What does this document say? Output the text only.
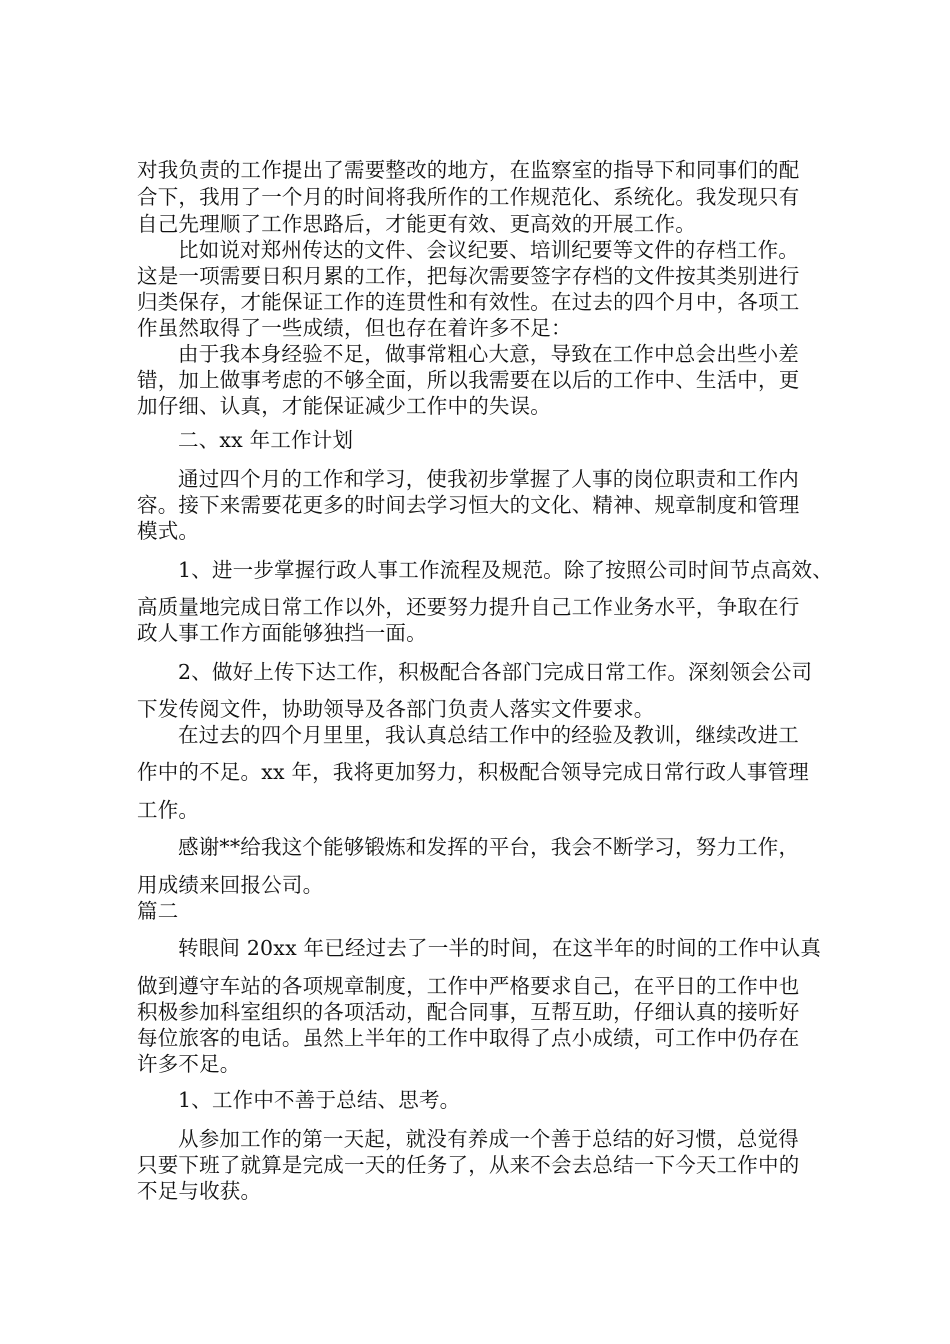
对我负责的工作提出了需要整改的地方，在监察室的指导下和同事们的配
合下，我用了一个月的时间将我所作的工作规范化、系统化。我发现只有
自己先理顺了工作思路后，才能更有效、更高效的开展工作。
比如说对郑州传达的文件、会议纪要、培训纪要等文件的存档工作。
这是一项需要日积月累的工作，把每次需要签字存档的文件按其类别进行
归类保存，才能保证工作的连贯性和有效性。在过去的四个月中，各项工
作虽然取得了一些成绩，但也存在着许多不足：
由于我本身经验不足，做事常粗心大意，导致在工作中总会出些小差
错，加上做事考虑的不够全面，所以我需要在以后的工作中、生活中，更
加仔细、认真，才能保证减少工作中的失误。
二、xx 年工作计划
通过四个月的工作和学习，使我初步掌握了人事的岗位职责和工作内
容。接下来需要花更多的时间去学习恒大的文化、精神、规章制度和管理
模式。
1、进一步掌握行政人事工作流程及规范。除了按照公司时间节点高效、
高质量地完成日常工作以外，还要努力提升自己工作业务水平，争取在行
政人事工作方面能够独挡一面。
2、做好上传下达工作，积极配合各部门完成日常工作。深刻领会公司
下发传阅文件，协助领导及各部门负责人落实文件要求。
在过去的四个月里里，我认真总结工作中的经验及教训，继续改进工
作中的不足。xx 年，我将更加努力，积极配合领导完成日常行政人事管理
工作。
感谢**给我这个能够锻炼和发挥的平台，我会不断学习，努力工作，
用成绩来回报公司。
篇二
转眼间 20xx 年已经过去了一半的时间，在这半年的时间的工作中认真
做到遵守车站的各项规章制度，工作中严格要求自己，在平日的工作中也
积极参加科室组织的各项活动，配合同事，互帮互助，仔细认真的接听好
每位旅客的电话。虽然上半年的工作中取得了点小成绩，可工作中仍存在
许多不足。
1、工作中不善于总结、思考。
从参加工作的第一天起，就没有养成一个善于总结的好习惯，总觉得
只要下班了就算是完成一天的任务了，从来不会去总结一下今天工作中的
不足与收获。
